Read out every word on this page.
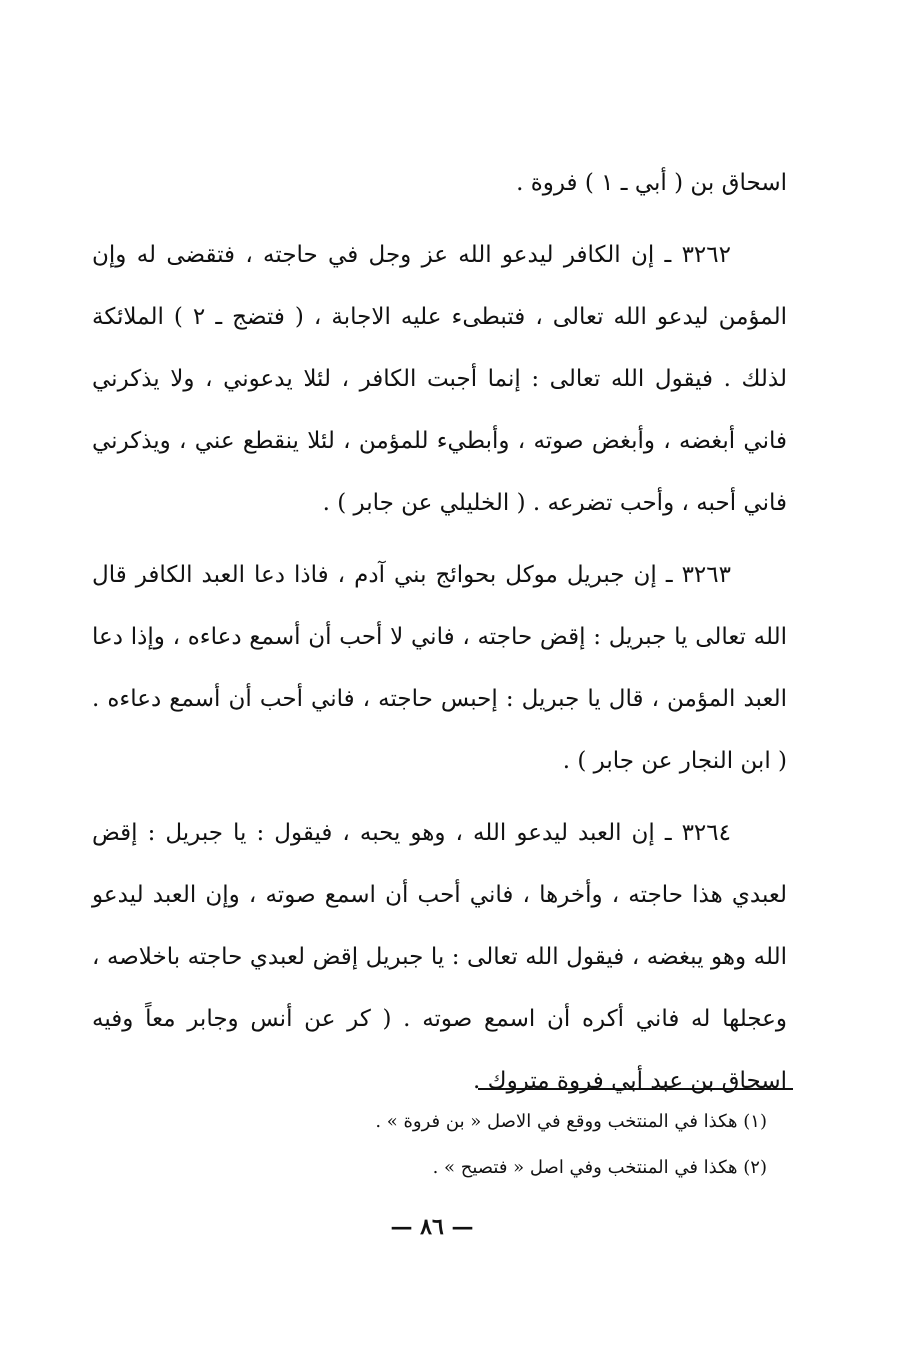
اسحاق بن ( أبي ـ ١ ) فروة .

٣٢٦٢ ـ إن الكافر ليدعو الله عز وجل في حاجته ، فتقضى له وإن المؤمن ليدعو الله تعالى ، فتبطىء عليه الاجابة ، ( فتضج ـ ٢ ) الملائكة لذلك . فيقول الله تعالى : إنما أجبت الكافر ، لئلا يدعوني ، ولا يذكرني فاني أبغضه ، وأبغض صوته ، وأبطيء للمؤمن ، لئلا ينقطع عني ، ويذكرني فاني أحبه ، وأحب تضرعه . ( الخليلي عن جابر ) .

٣٢٦٣ ـ إن جبريل موكل بحوائج بني آدم ، فاذا دعا العبد الكافر قال الله تعالى يا جبريل : إقض حاجته ، فاني لا أحب أن أسمع دعاءه ، وإذا دعا العبد المؤمن ، قال يا جبريل : إحبس حاجته ، فاني أحب أن أسمع دعاءه . ( ابن النجار عن جابر ) .

٣٢٦٤ ـ إن العبد ليدعو الله ، وهو يحبه ، فيقول : يا جبريل : إقض لعبدي هذا حاجته ، وأخرها ، فاني أحب أن اسمع صوته ، وإن العبد ليدعو الله وهو يبغضه ، فيقول الله تعالى : يا جبريل إقض لعبدي حاجته باخلاصه ، وعجلها له فاني أكره أن اسمع صوته . ( كر عن أنس وجابر معاً وفيه اسحاق بن عبد أبي فروة متروك .

(١) هكذا في المنتخب ووقع في الاصل « بن فروة » .

(٢) هكذا في المنتخب وفي اصل « فتصيح » .

— ٨٦ —
